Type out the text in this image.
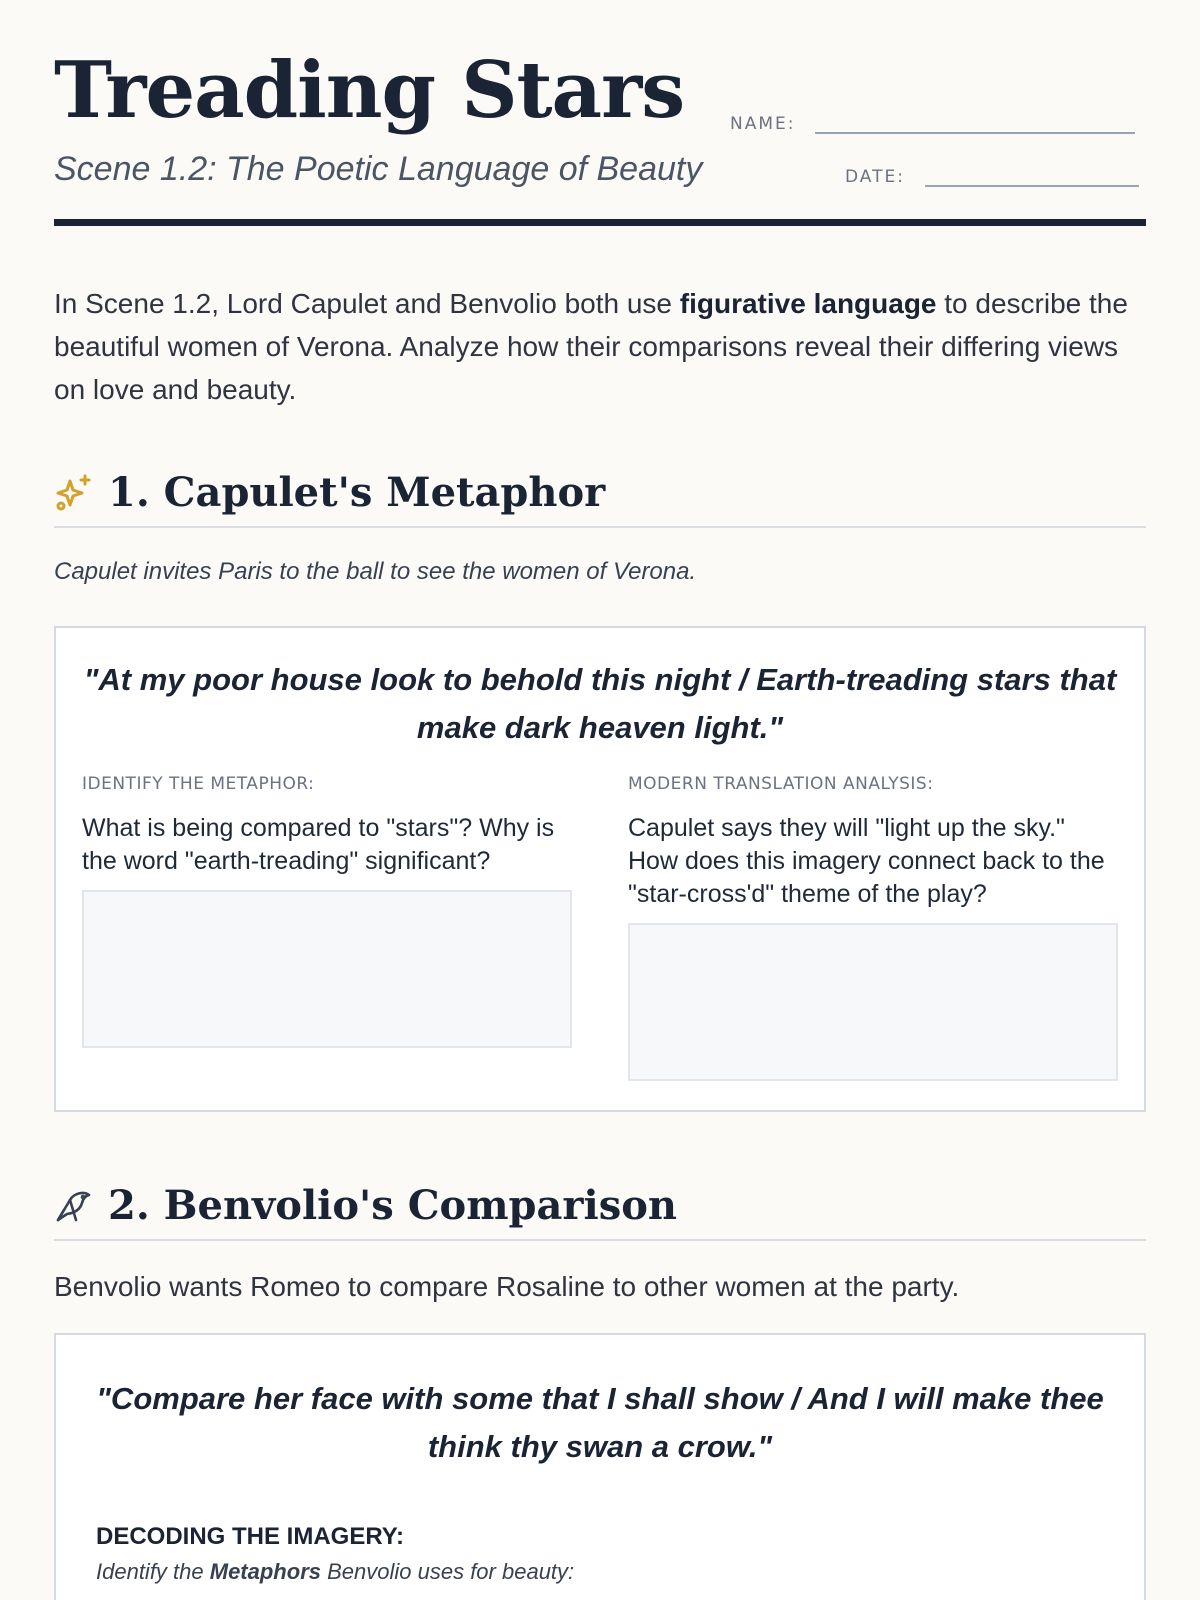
Treading Stars
Scene 1.2: The Poetic Language of Beauty
NAME:
DATE:

In Scene 1.2, Lord Capulet and Benvolio both use figurative language to describe the beautiful women of Verona. Analyze how their comparisons reveal their differing views on love and beauty.

1. Capulet's Metaphor

Capulet invites Paris to the ball to see the women of Verona.

"At my poor house look to behold this night / Earth-treading stars that make dark heaven light."

IDENTIFY THE METAPHOR:

What is being compared to "stars"? Why is the word "earth-treading" significant?

MODERN TRANSLATION ANALYSIS:

Capulet says they will "light up the sky." How does this imagery connect back to the "star-cross'd" theme of the play?

2. Benvolio's Comparison

Benvolio wants Romeo to compare Rosaline to other women at the party.

"Compare her face with some that I shall show / And I will make thee think thy swan a crow."

DECODING THE IMAGERY:

Identify the Metaphors Benvolio uses for beauty:
